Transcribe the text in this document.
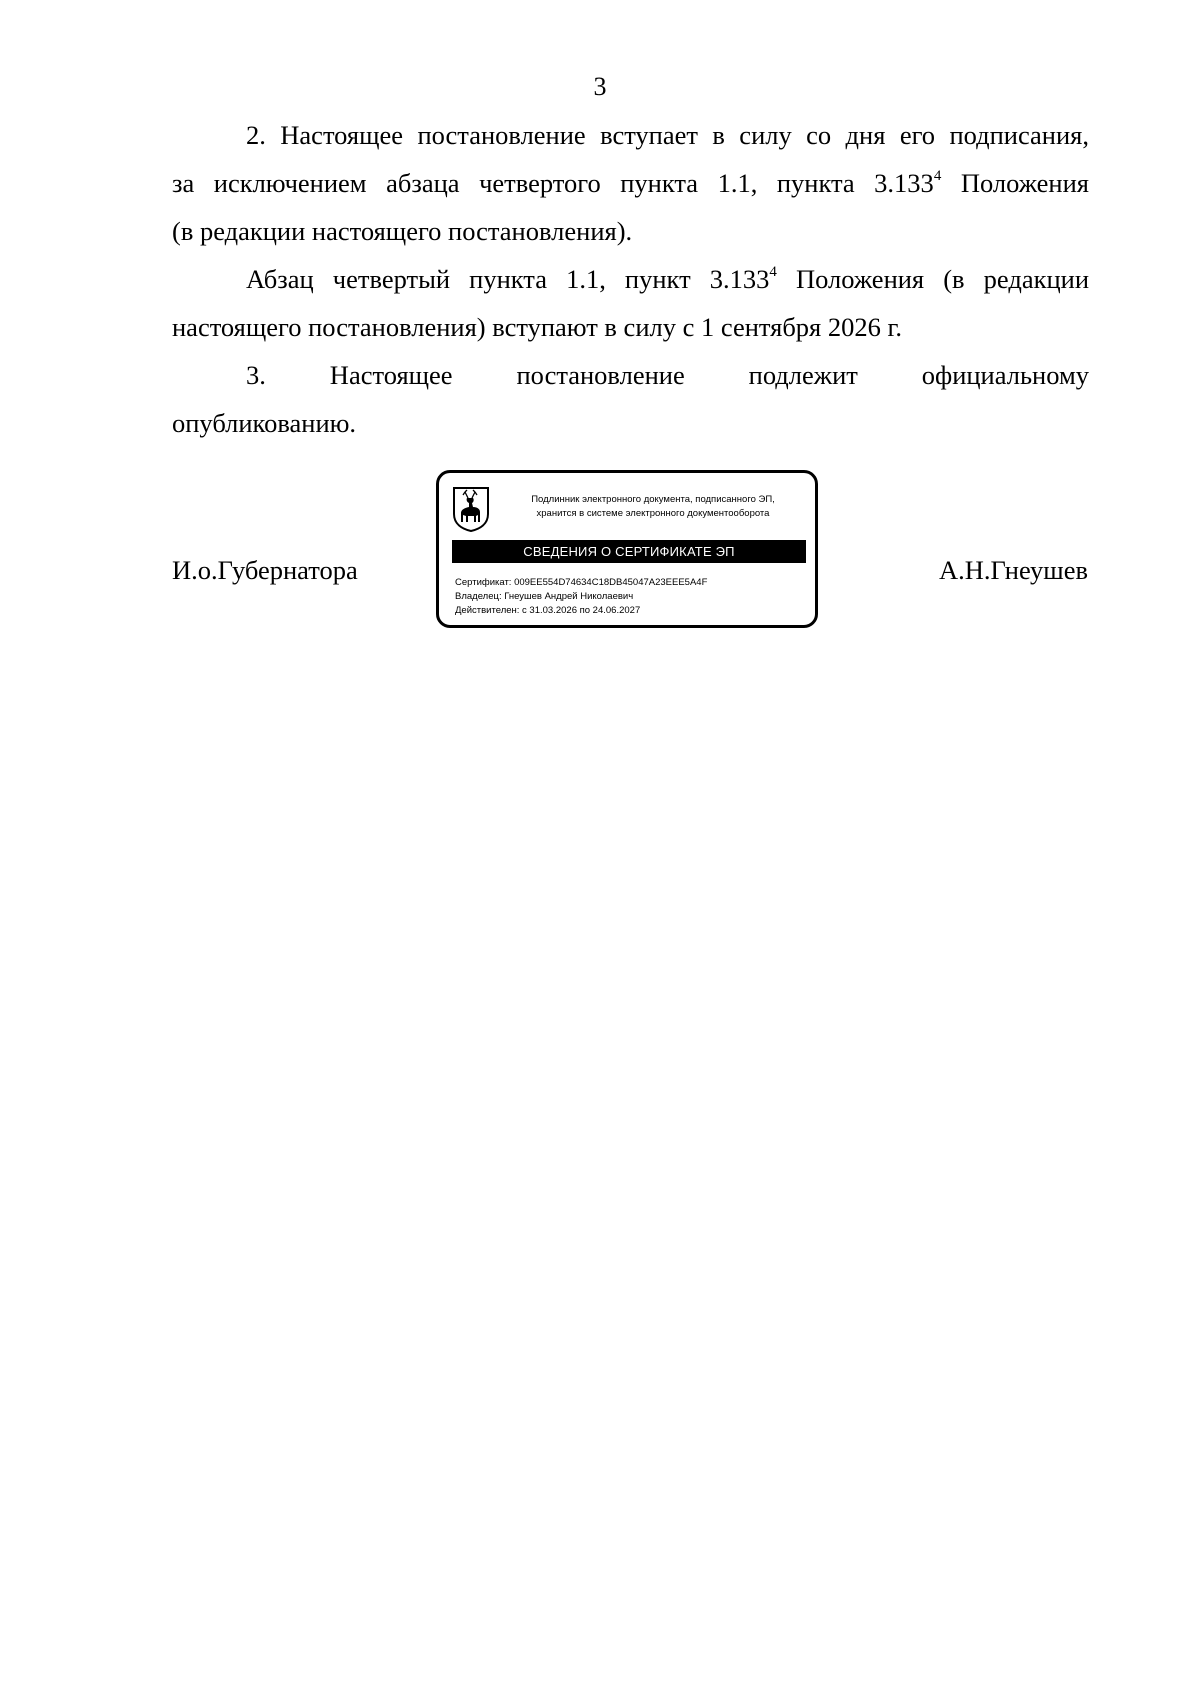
3

2. Настоящее постановление вступает в силу со дня его подписания,

за исключением абзаца четвертого пункта 1.1, пункта 3.133$^4$ Положения

(в редакции настоящего постановления).

Абзац четвертый пункта 1.1, пункт 3.133$^4$ Положения (в редакции

настоящего постановления) вступают в силу с 1 сентября 2026 г.

3. Настоящее постановление подлежит официальному

опубликованию.

И.о.Губернатора	А.Н.Гнеушев
Подлинник электронного документа, подписанного ЭП,
хранится в системе электронного документооборота
СВЕДЕНИЯ О СЕРТИФИКАТЕ ЭП
Сертификат: 009EE554D74634C18DB45047A23EEE5A4F
Владелец: Гнеушев Андрей Николаевич
Действителен: с 31.03.2026 по 24.06.2027
